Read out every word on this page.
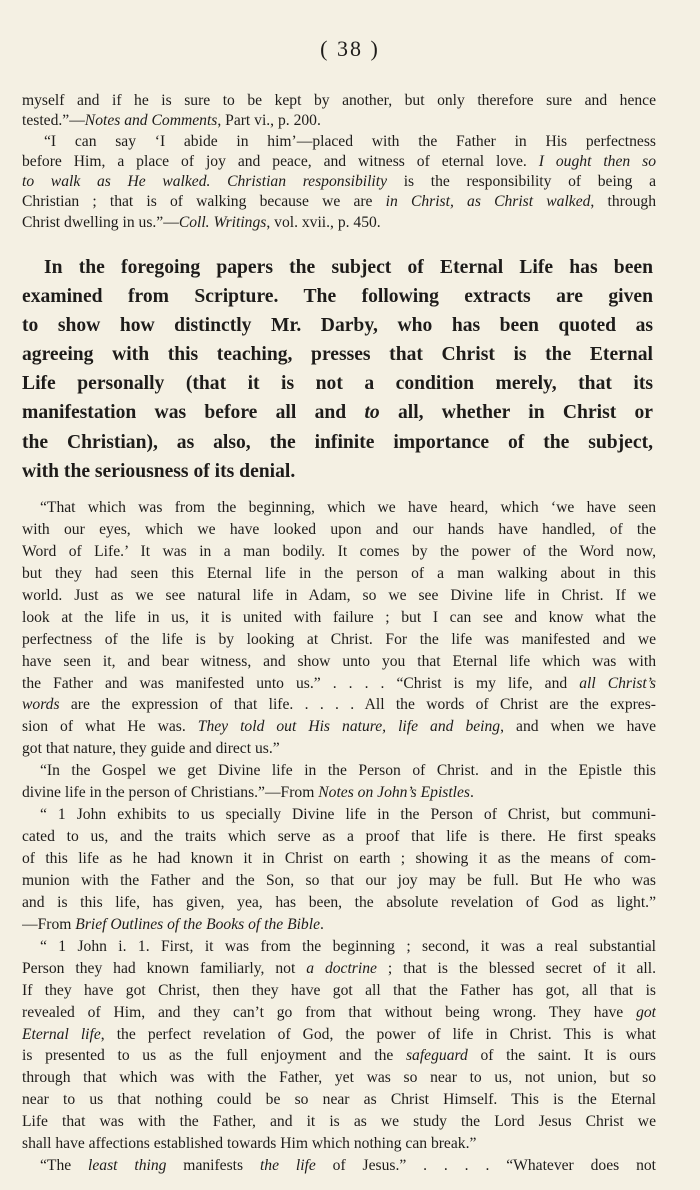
( 38 )
myself and if he is sure to be kept by another, but only therefore sure and hence
tested.”—Notes and Comments, Part vi., p. 200.
“I can say ‘I abide in him’—placed with the Father in His perfectness
before Him, a place of joy and peace, and witness of eternal love. I ought then so
to walk as He walked. Christian responsibility is the responsibility of being a
Christian ; that is of walking because we are in Christ, as Christ walked, through
Christ dwelling in us.”—Coll. Writings, vol. xvii., p. 450.
In the foregoing papers the subject of Eternal Life has been
examined from Scripture. The following extracts are given
to show how distinctly Mr. Darby, who has been quoted as
agreeing with this teaching, presses that Christ is the Eternal
Life personally (that it is not a condition merely, that its
manifestation was before all and to all, whether in Christ or
the Christian), as also, the infinite importance of the subject,
with the seriousness of its denial.
“That which was from the beginning, which we have heard, which ‘we have seen
with our eyes, which we have looked upon and our hands have handled, of the
Word of Life.’ It was in a man bodily. It comes by the power of the Word now,
but they had seen this Eternal life in the person of a man walking about in this
world. Just as we see natural life in Adam, so we see Divine life in Christ. If we
look at the life in us, it is united with failure ; but I can see and know what the
perfectness of the life is by looking at Christ. For the life was manifested and we
have seen it, and bear witness, and show unto you that Eternal life which was with
the Father and was manifested unto us.” . . . . “Christ is my life, and all Christ’s
words are the expression of that life. . . . . All the words of Christ are the expres-
sion of what He was. They told out His nature, life and being, and when we have
got that nature, they guide and direct us.”
“In the Gospel we get Divine life in the Person of Christ. and in the Epistle this
divine life in the person of Christians.”—From Notes on John’s Epistles.
“ 1 John exhibits to us specially Divine life in the Person of Christ, but communi-
cated to us, and the traits which serve as a proof that life is there. He first speaks
of this life as he had known it in Christ on earth ; showing it as the means of com-
munion with the Father and the Son, so that our joy may be full. But He who was
and is this life, has given, yea, has been, the absolute revelation of God as light.”
—From Brief Outlines of the Books of the Bible.
“ 1 John i. 1. First, it was from the beginning ; second, it was a real substantial
Person they had known familiarly, not a doctrine ; that is the blessed secret of it all.
If they have got Christ, then they have got all that the Father has got, all that is
revealed of Him, and they can’t go from that without being wrong. They have got
Eternal life, the perfect revelation of God, the power of life in Christ. This is what
is presented to us as the full enjoyment and the safeguard of the saint. It is ours
through that which was with the Father, yet was so near to us, not union, but so
near to us that nothing could be so near as Christ Himself. This is the Eternal
Life that was with the Father, and it is as we study the Lord Jesus Christ we
shall have affections established towards Him which nothing can break.”
“The least thing manifests the life of Jesus.” . . . . “Whatever does not
